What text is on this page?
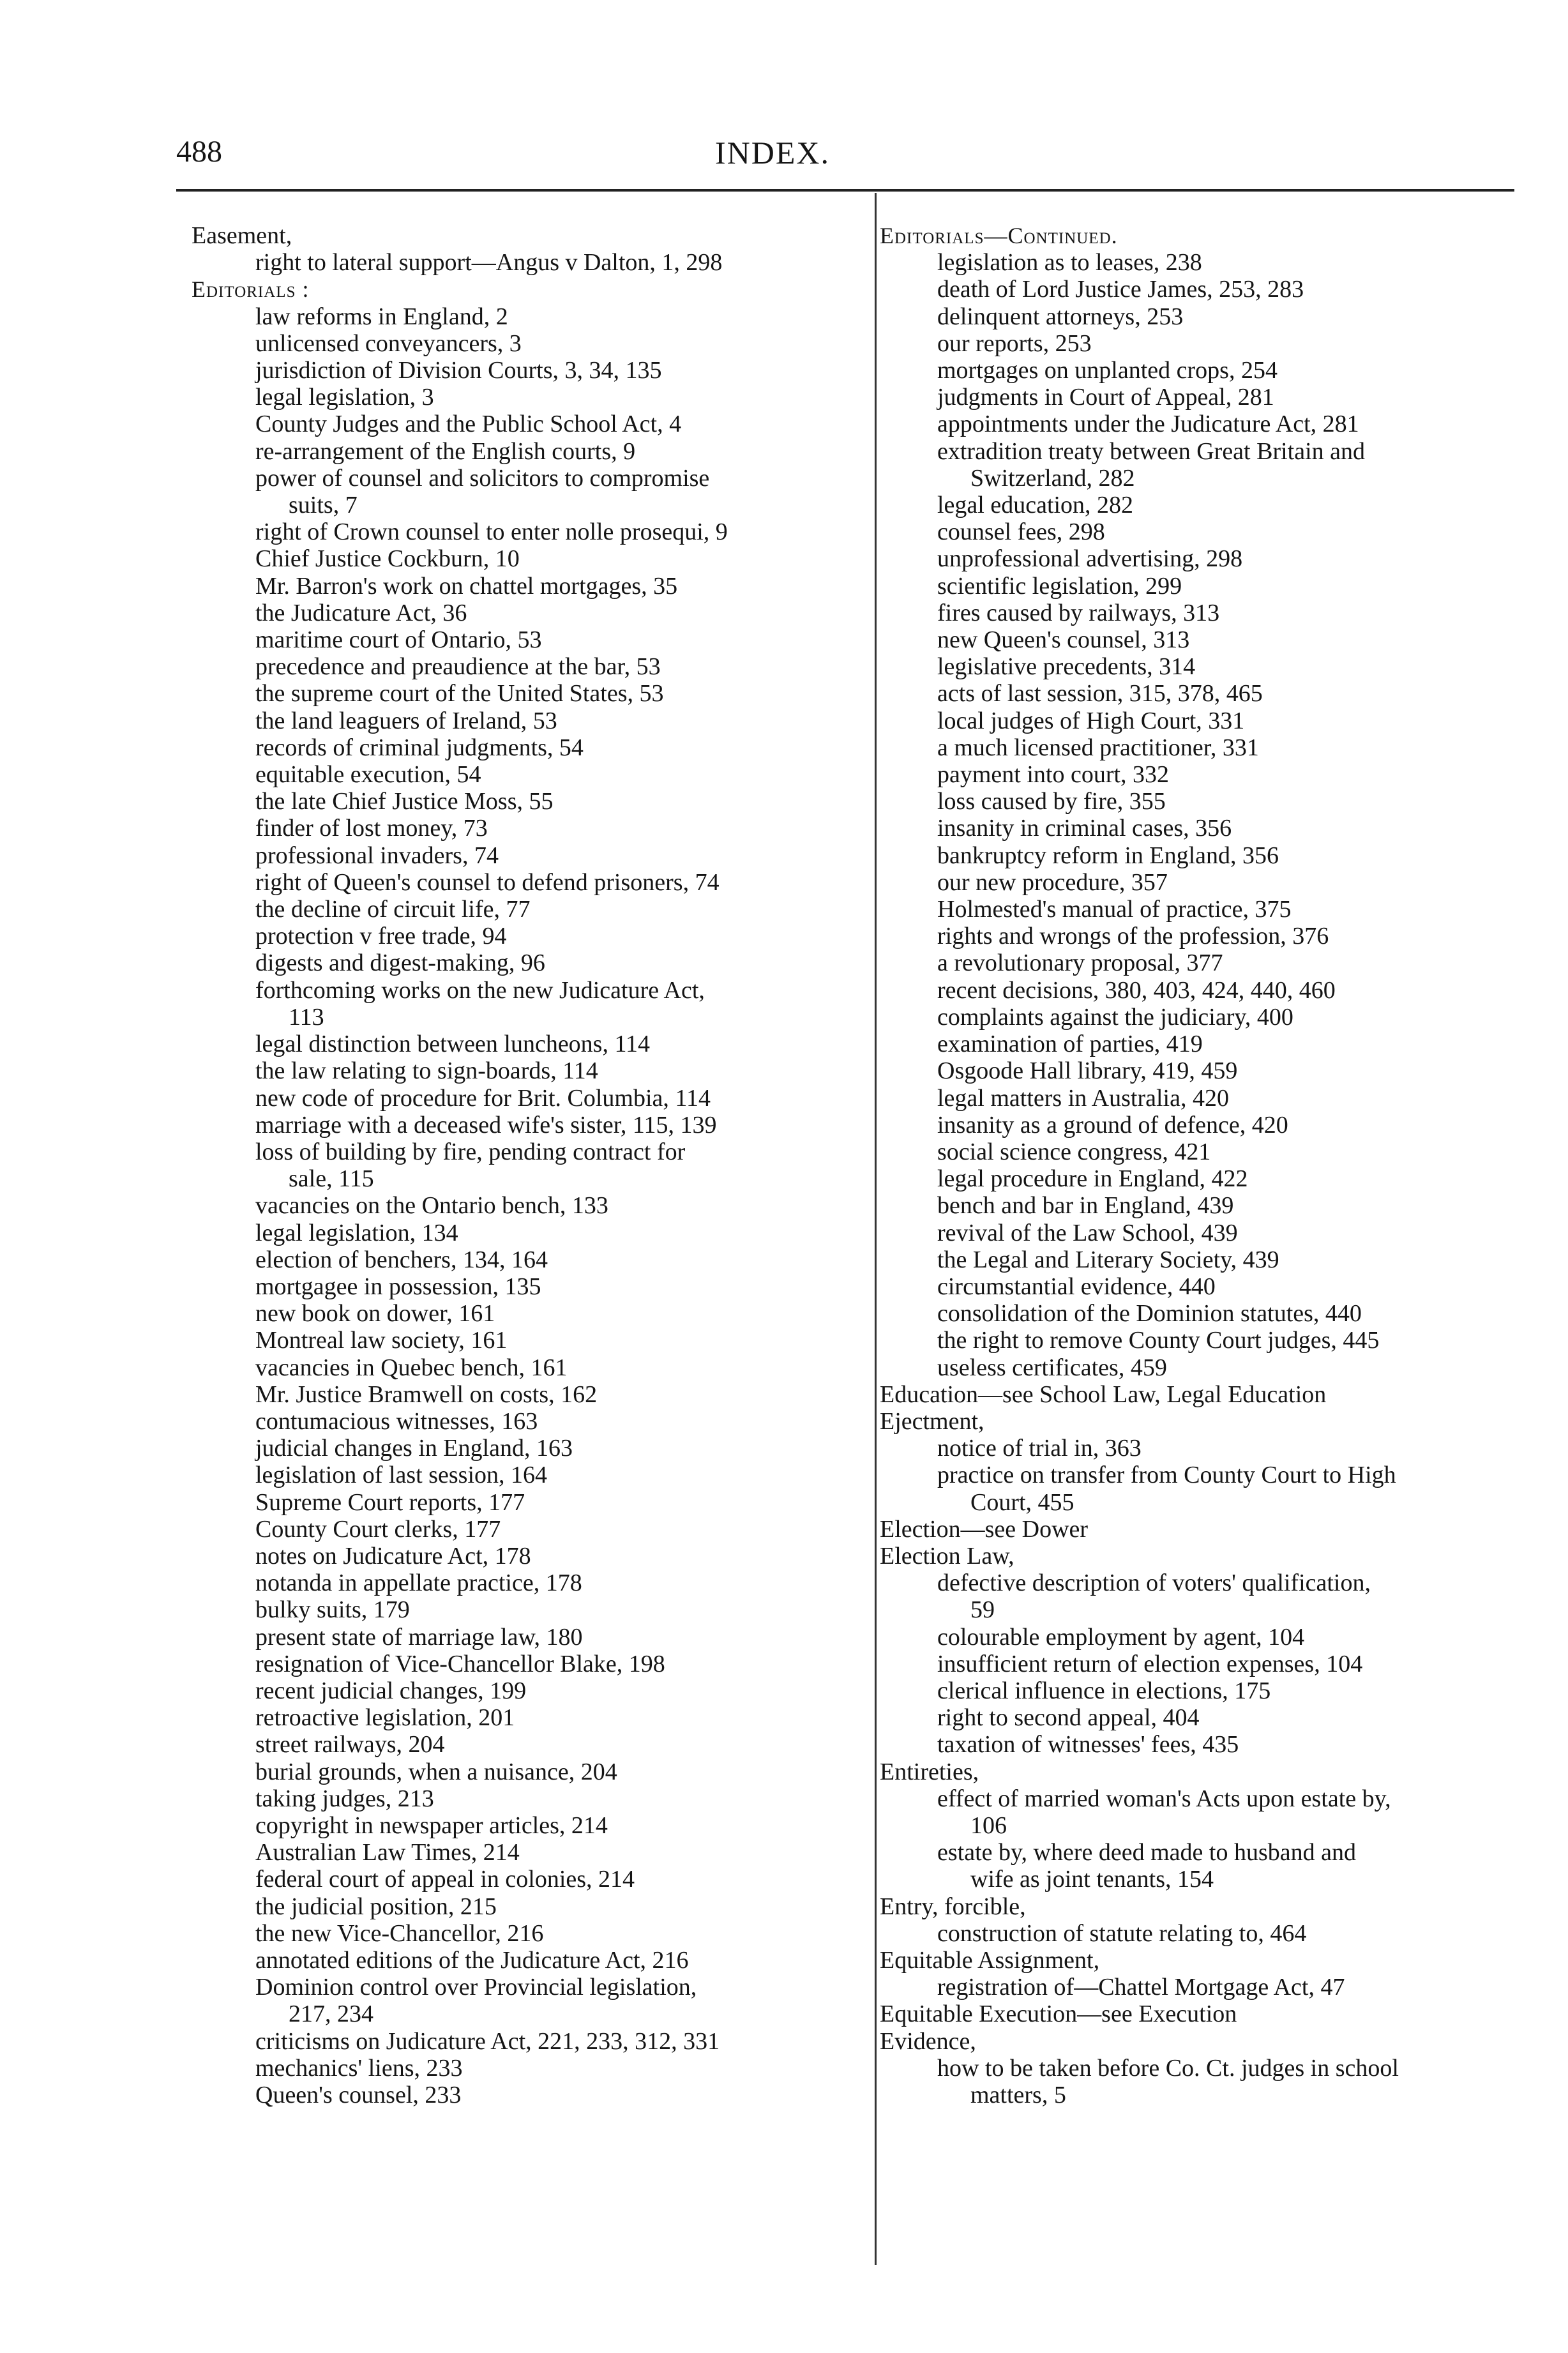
488	INDEX.
Easement,
right to lateral support—Angus v Dalton, 1, 298
Editorials :
law reforms in England, 2
unlicensed conveyancers, 3
jurisdiction of Division Courts, 3, 34, 135
legal legislation, 3
County Judges and the Public School Act, 4
re-arrangement of the English courts, 9
power of counsel and solicitors to compromise
suits, 7
right of Crown counsel to enter nolle prosequi, 9
Chief Justice Cockburn, 10
Mr. Barron's work on chattel mortgages, 35
the Judicature Act, 36
maritime court of Ontario, 53
precedence and preaudience at the bar, 53
the supreme court of the United States, 53
the land leaguers of Ireland, 53
records of criminal judgments, 54
equitable execution, 54
the late Chief Justice Moss, 55
finder of lost money, 73
professional invaders, 74
right of Queen's counsel to defend prisoners, 74
the decline of circuit life, 77
protection v free trade, 94
digests and digest-making, 96
forthcoming works on the new Judicature Act,
113
legal distinction between luncheons, 114
the law relating to sign-boards, 114
new code of procedure for Brit. Columbia, 114
marriage with a deceased wife's sister, 115, 139
loss of building by fire, pending contract for
sale, 115
vacancies on the Ontario bench, 133
legal legislation, 134
election of benchers, 134, 164
mortgagee in possession, 135
new book on dower, 161
Montreal law society, 161
vacancies in Quebec bench, 161
Mr. Justice Bramwell on costs, 162
contumacious witnesses, 163
judicial changes in England, 163
legislation of last session, 164
Supreme Court reports, 177
County Court clerks, 177
notes on Judicature Act, 178
notanda in appellate practice, 178
bulky suits, 179
present state of marriage law, 180
resignation of Vice-Chancellor Blake, 198
recent judicial changes, 199
retroactive legislation, 201
street railways, 204
burial grounds, when a nuisance, 204
taking judges, 213
copyright in newspaper articles, 214
Australian Law Times, 214
federal court of appeal in colonies, 214
the judicial position, 215
the new Vice-Chancellor, 216
annotated editions of the Judicature Act, 216
Dominion control over Provincial legislation,
217, 234
criticisms on Judicature Act, 221, 233, 312, 331
mechanics' liens, 233
Queen's counsel, 233
Editorials—Continued.
legislation as to leases, 238
death of Lord Justice James, 253, 283
delinquent attorneys, 253
our reports, 253
mortgages on unplanted crops, 254
judgments in Court of Appeal, 281
appointments under the Judicature Act, 281
extradition treaty between Great Britain and
Switzerland, 282
legal education, 282
counsel fees, 298
unprofessional advertising, 298
scientific legislation, 299
fires caused by railways, 313
new Queen's counsel, 313
legislative precedents, 314
acts of last session, 315, 378, 465
local judges of High Court, 331
a much licensed practitioner, 331
payment into court, 332
loss caused by fire, 355
insanity in criminal cases, 356
bankruptcy reform in England, 356
our new procedure, 357
Holmested's manual of practice, 375
rights and wrongs of the profession, 376
a revolutionary proposal, 377
recent decisions, 380, 403, 424, 440, 460
complaints against the judiciary, 400
examination of parties, 419
Osgoode Hall library, 419, 459
legal matters in Australia, 420
insanity as a ground of defence, 420
social science congress, 421
legal procedure in England, 422
bench and bar in England, 439
revival of the Law School, 439
the Legal and Literary Society, 439
circumstantial evidence, 440
consolidation of the Dominion statutes, 440
the right to remove County Court judges, 445
useless certificates, 459
Education—see School Law, Legal Education
Ejectment,
notice of trial in, 363
practice on transfer from County Court to High
Court, 455
Election—see Dower
Election Law,
defective description of voters' qualification,
59
colourable employment by agent, 104
insufficient return of election expenses, 104
clerical influence in elections, 175
right to second appeal, 404
taxation of witnesses' fees, 435
Entireties,
effect of married woman's Acts upon estate by,
106
estate by, where deed made to husband and
wife as joint tenants, 154
Entry, forcible,
construction of statute relating to, 464
Equitable Assignment,
registration of—Chattel Mortgage Act, 47
Equitable Execution—see Execution
Evidence,
how to be taken before Co. Ct. judges in school
matters, 5
